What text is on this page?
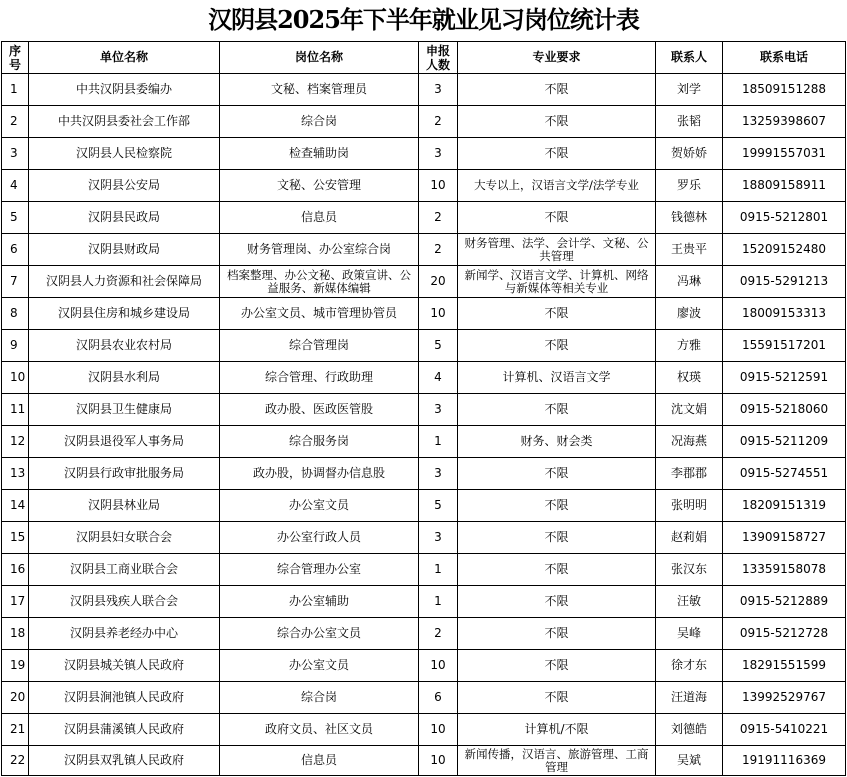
汉阴县2025年下半年就业见习岗位统计表
序号	单位名称	岗位名称	申报人数	专业要求	联系人	联系电话
1	中共汉阴县委编办	文秘、档案管理员	3	不限	刘学	18509151288
2	中共汉阴县委社会工作部	综合岗	2	不限	张韬	13259398607
3	汉阴县人民检察院	检查辅助岗	3	不限	贺娇娇	19991557031
4	汉阴县公安局	文秘、公安管理	10	大专以上，汉语言文学/法学专业	罗乐	18809158911
5	汉阴县民政局	信息员	2	不限	钱德林	0915-5212801
6	汉阴县财政局	财务管理岗、办公室综合岗	2	财务管理、法学、会计学、文秘、公共管理	王贵平	15209152480
7	汉阴县人力资源和社会保障局	档案整理、办公文秘、政策宣讲、公益服务、新媒体编辑	20	新闻学、汉语言文学、计算机、网络与新媒体等相关专业	冯琳	0915-5291213
8	汉阴县住房和城乡建设局	办公室文员、城市管理协管员	10	不限	廖波	18009153313
9	汉阴县农业农村局	综合管理岗	5	不限	方雅	15591517201
10	汉阴县水利局	综合管理、行政助理	4	计算机、汉语言文学	权瑛	0915-5212591
11	汉阴县卫生健康局	政办股、医政医管股	3	不限	沈文娟	0915-5218060
12	汉阴县退役军人事务局	综合服务岗	1	财务、财会类	况海燕	0915-5211209
13	汉阴县行政审批服务局	政办股，协调督办信息股	3	不限	李郡郡	0915-5274551
14	汉阴县林业局	办公室文员	5	不限	张明明	18209151319
15	汉阴县妇女联合会	办公室行政人员	3	不限	赵莉娟	13909158727
16	汉阴县工商业联合会	综合管理办公室	1	不限	张汉东	13359158078
17	汉阴县残疾人联合会	办公室辅助	1	不限	汪敏	0915-5212889
18	汉阴县养老经办中心	综合办公室文员	2	不限	吴峰	0915-5212728
19	汉阴县城关镇人民政府	办公室文员	10	不限	徐才东	18291551599
20	汉阴县涧池镇人民政府	综合岗	6	不限	汪道海	13992529767
21	汉阴县蒲溪镇人民政府	政府文员、社区文员	10	计算机/不限	刘德皓	0915-5410221
22	汉阴县双乳镇人民政府	信息员	10	新闻传播，汉语言、旅游管理、工商管理	吴斌	19191116369
